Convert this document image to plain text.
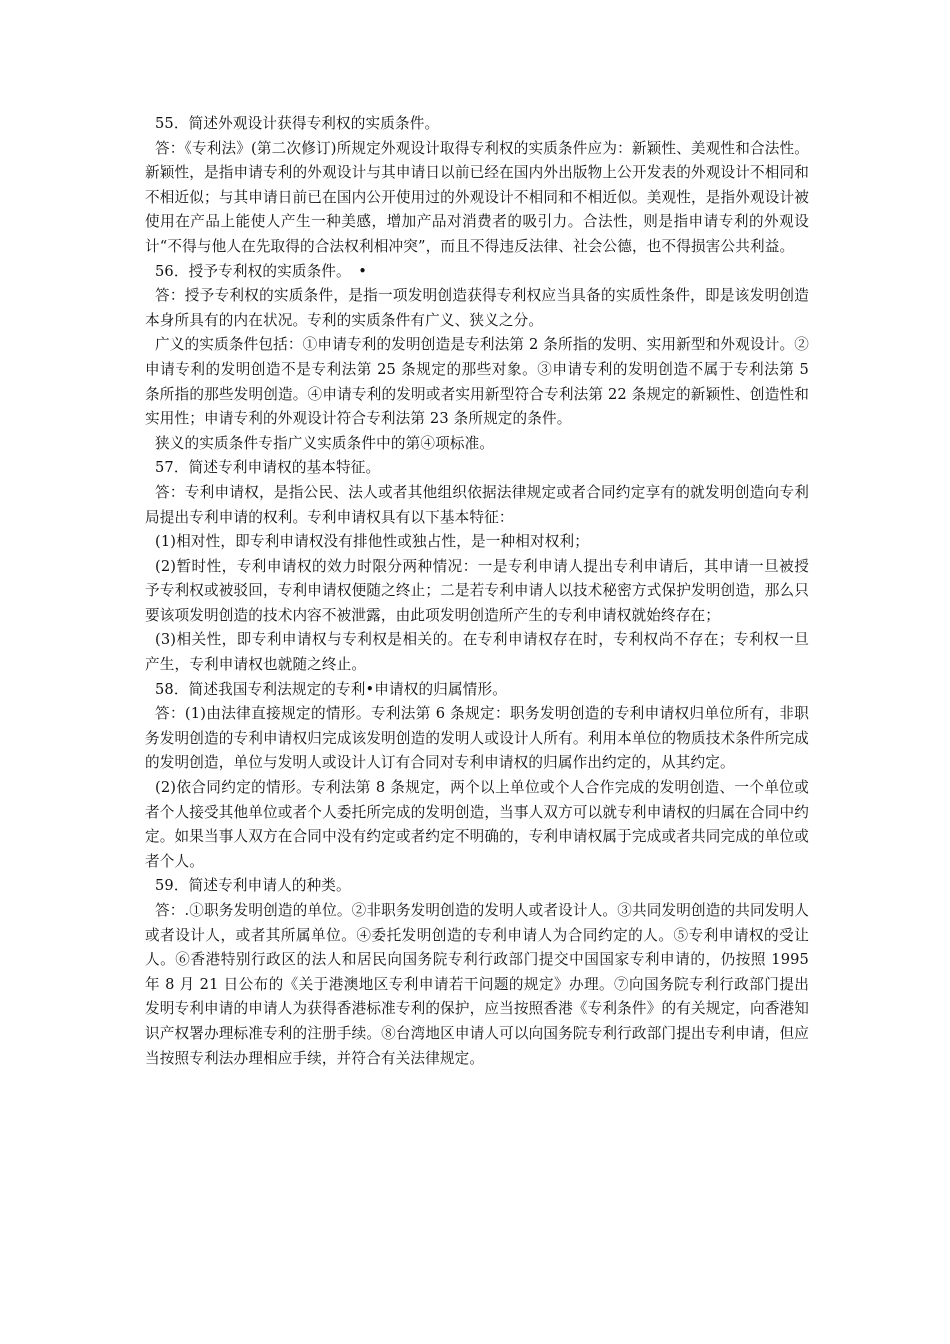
55．简述外观设计获得专利权的实质条件。

答：《专利法》(第二次修订)所规定外观设计取得专利权的实质条件应为：新颖性、美观性和合法性。新颖性，是指申请专利的外观设计与其申请日以前已经在国内外出版物上公开发表的外观设计不相同和不相近似；与其申请日前已在国内公开使用过的外观设计不相同和不相近似。美观性，是指外观设计被使用在产品上能使人产生一种美感，增加产品对消费者的吸引力。合法性，则是指申请专利的外观设计“不得与他人在先取得的合法权利相冲突”，而且不得违反法律、社会公德，也不得损害公共利益。

56．授予专利权的实质条件。　•

答：授予专利权的实质条件，是指一项发明创造获得专利权应当具备的实质性条件，即是该发明创造本身所具有的内在状况。专利的实质条件有广义、狭义之分。

广义的实质条件包括：①申请专利的发明创造是专利法第 2 条所指的发明、实用新型和外观设计。②申请专利的发明创造不是专利法第 25 条规定的那些对象。③申请专利的发明创造不属于专利法第 5 条所指的那些发明创造。④申请专利的发明或者实用新型符合专利法第 22 条规定的新颖性、创造性和实用性；申请专利的外观设计符合专利法第 23 条所规定的条件。

狭义的实质条件专指广义实质条件中的第④项标准。

57．简述专利申请权的基本特征。

答：专利申请权，是指公民、法人或者其他组织依据法律规定或者合同约定享有的就发明创造向专利局提出专利申请的权利。专利申请权具有以下基本特征：

(1)相对性，即专利申请权没有排他性或独占性，是一种相对权利；

(2)暂时性，专利申请权的效力时限分两种情况：一是专利申请人提出专利申请后，其申请一旦被授予专利权或被驳回，专利申请权便随之终止；二是若专利申请人以技术秘密方式保护发明创造，那么只要该项发明创造的技术内容不被泄露，由此项发明创造所产生的专利申请权就始终存在；

(3)相关性，即专利申请权与专利权是相关的。在专利申请权存在时，专利权尚不存在；专利权一旦产生，专利申请权也就随之终止。

58．简述我国专利法规定的专利•申请权的归属情形。

答：(1)由法律直接规定的情形。专利法第 6 条规定：职务发明创造的专利申请权归单位所有，非职务发明创造的专利申请权归完成该发明创造的发明人或设计人所有。利用本单位的物质技术条件所完成的发明创造，单位与发明人或设计人订有合同对专利申请权的归属作出约定的，从其约定。

(2)依合同约定的情形。专利法第 8 条规定，两个以上单位或个人合作完成的发明创造、一个单位或者个人接受其他单位或者个人委托所完成的发明创造，当事人双方可以就专利申请权的归属在合同中约定。如果当事人双方在合同中没有约定或者约定不明确的，专利申请权属于完成或者共同完成的单位或者个人。

59．简述专利申请人的种类。

答：.①职务发明创造的单位。②非职务发明创造的发明人或者设计人。③共同发明创造的共同发明人或者设计人，或者其所属单位。④委托发明创造的专利申请人为合同约定的人。⑤专利申请权的受让人。⑥香港特别行政区的法人和居民向国务院专利行政部门提交中国国家专利申请的，仍按照 1995 年 8 月 21 日公布的《关于港澳地区专利申请若干问题的规定》办理。⑦向国务院专利行政部门提出发明专利申请的申请人为获得香港标准专利的保护，应当按照香港《专利条件》的有关规定，向香港知识产权署办理标准专利的注册手续。⑧台湾地区申请人可以向国务院专利行政部门提出专利申请，但应当按照专利法办理相应手续，并符合有关法律规定。
